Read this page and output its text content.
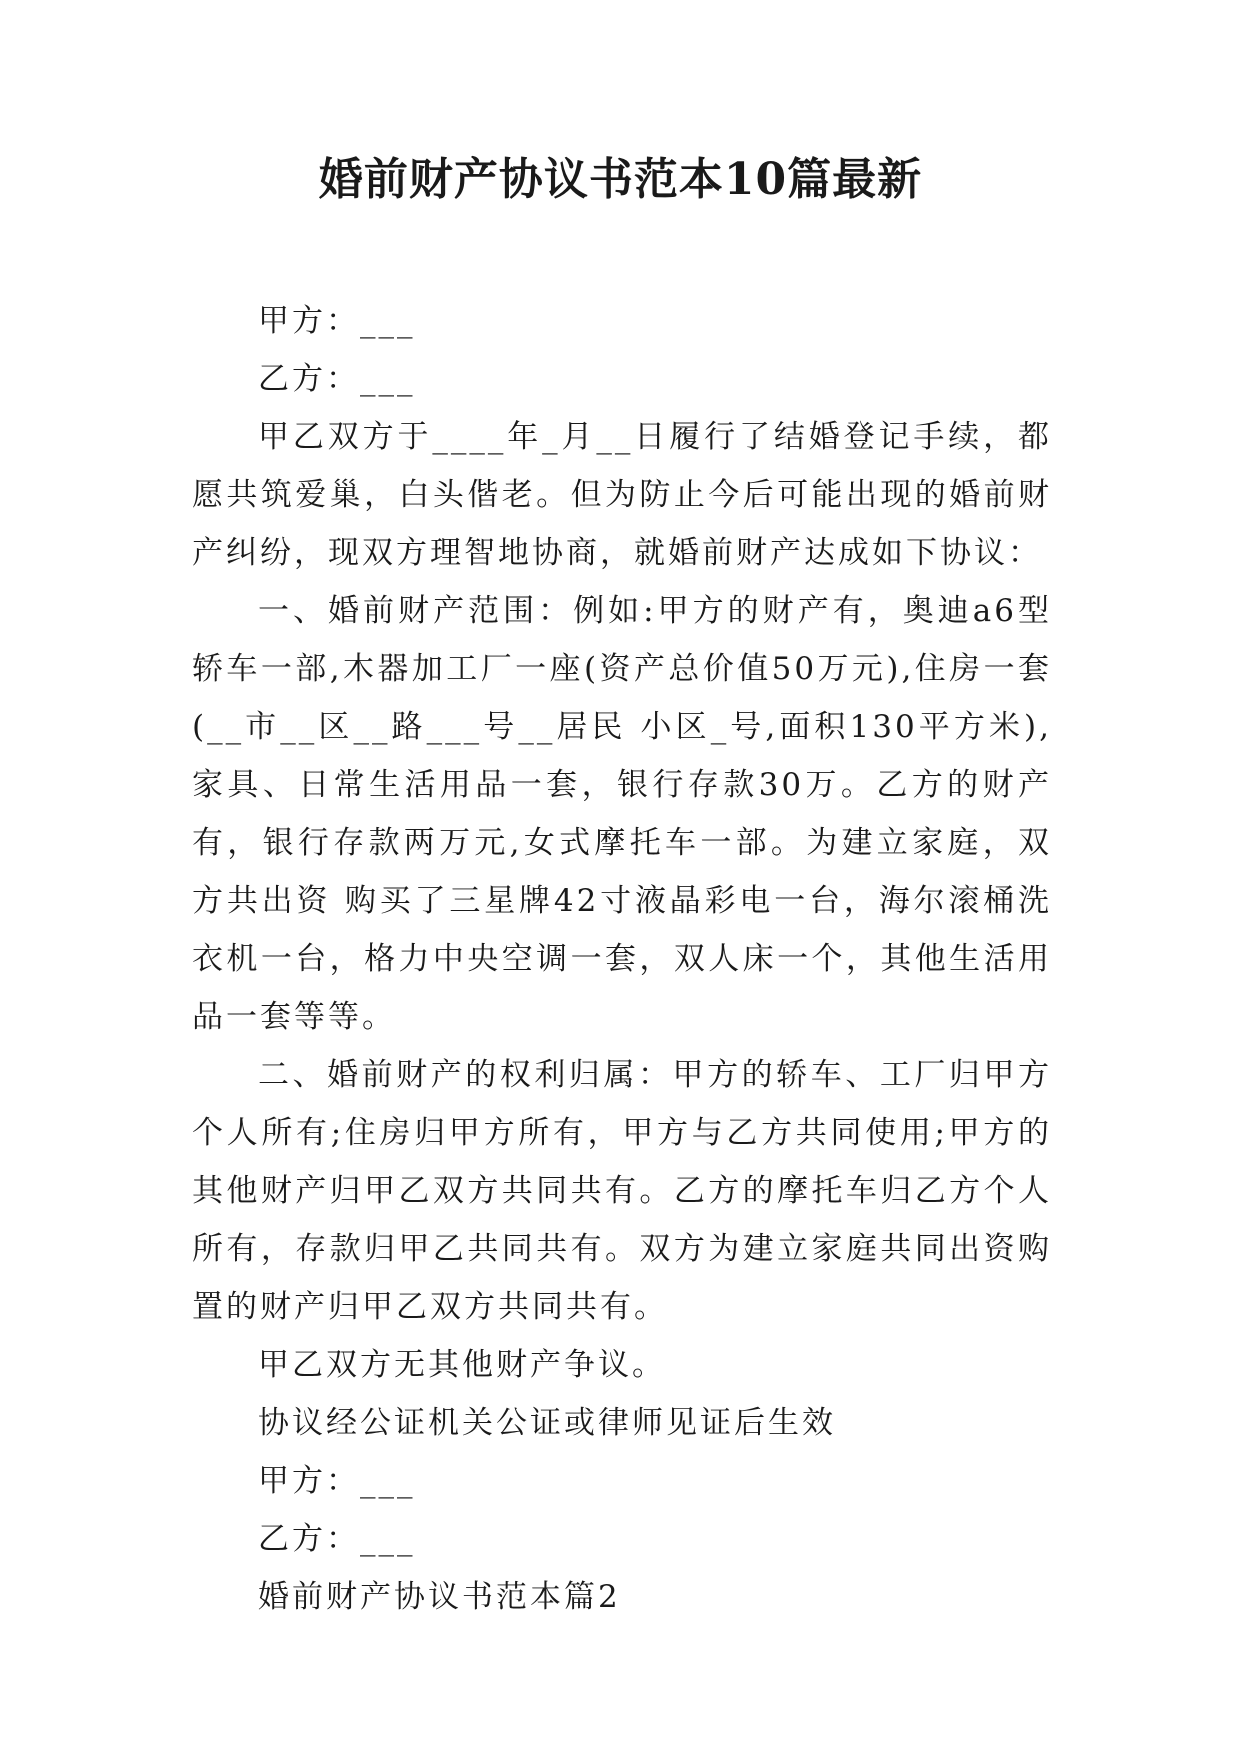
婚前财产协议书范本10篇最新

甲方：___

乙方：___

甲乙双方于____年_月__日履行了结婚登记手续，都愿共筑爱巢，白头偕老。但为防止今后可能出现的婚前财产纠纷，现双方理智地协商，就婚前财产达成如下协议：

一、婚前财产范围：例如:甲方的财产有，奥迪a6型轿车一部,木器加工厂一座(资产总价值50万元),住房一套(__市__区__路___号__居民 小区_号,面积130平方米),家具、日常生活用品一套，银行存款30万。乙方的财产有，银行存款两万元,女式摩托车一部。为建立家庭，双方共出资 购买了三星牌42寸液晶彩电一台，海尔滚桶洗衣机一台，格力中央空调一套，双人床一个，其他生活用品一套等等。

二、婚前财产的权利归属：甲方的轿车、工厂归甲方个人所有;住房归甲方所有，甲方与乙方共同使用;甲方的其他财产归甲乙双方共同共有。乙方的摩托车归乙方个人所有，存款归甲乙共同共有。双方为建立家庭共同出资购置的财产归甲乙双方共同共有。

甲乙双方无其他财产争议。

协议经公证机关公证或律师见证后生效

甲方：___

乙方：___

婚前财产协议书范本篇2
